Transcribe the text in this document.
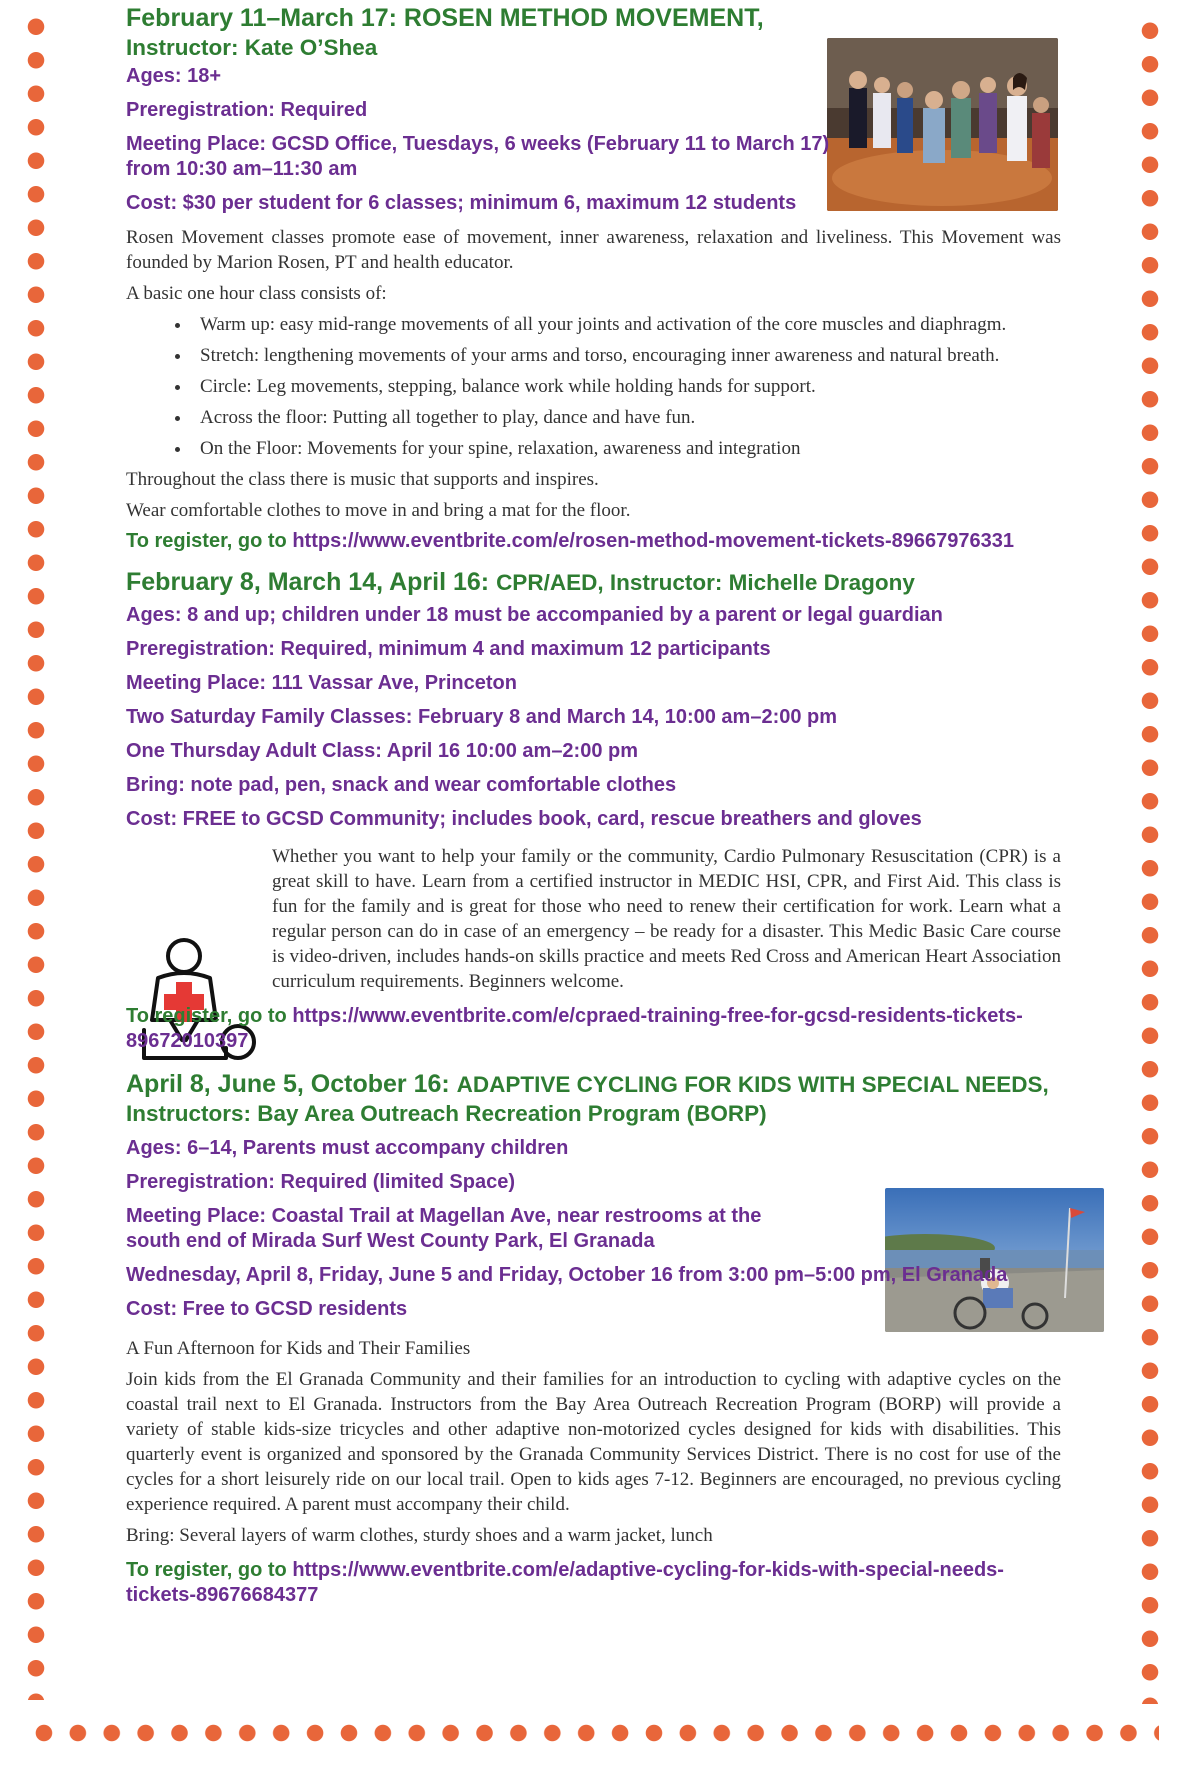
February 11–March 17: ROSEN METHOD MOVEMENT,
Instructor: Kate O’Shea

Ages: 18+

Preregistration: Required

Meeting Place: GCSD Office, Tuesdays, 6 weeks (February 11 to March 17) from 10:30 am–11:30 am

Cost: $30 per student for 6 classes; minimum 6, maximum 12 students

Rosen Movement classes promote ease of movement, inner awareness, relaxation and liveliness. This Movement was founded by Marion Rosen, PT and health educator.

A basic one hour class consists of:

• Warm up: easy mid-range movements of all your joints and activation of the core muscles and diaphragm.
• Stretch: lengthening movements of your arms and torso, encouraging inner awareness and natural breath.
• Circle: Leg movements, stepping, balance work while holding hands for support.
• Across the floor: Putting all together to play, dance and have fun.
• On the Floor: Movements for your spine, relaxation, awareness and integration

Throughout the class there is music that supports and inspires.

Wear comfortable clothes to move in and bring a mat for the floor.

To register, go to https://www.eventbrite.com/e/rosen-method-movement-tickets-89667976331

February 8, March 14, April 16: CPR/AED, Instructor: Michelle Dragony

Ages: 8 and up; children under 18 must be accompanied by a parent or legal guardian

Preregistration: Required, minimum 4 and maximum 12 participants

Meeting Place: 111 Vassar Ave, Princeton

Two Saturday Family Classes: February 8 and March 14, 10:00 am–2:00 pm

One Thursday Adult Class: April 16 10:00 am–2:00 pm

Bring: note pad, pen, snack and wear comfortable clothes

Cost: FREE to GCSD Community; includes book, card, rescue breathers and gloves

Whether you want to help your family or the community, Cardio Pulmonary Resuscitation (CPR) is a great skill to have. Learn from a certified instructor in MEDIC HSI, CPR, and First Aid. This class is fun for the family and is great for those who need to renew their certification for work. Learn what a regular person can do in case of an emergency – be ready for a disaster. This Medic Basic Care course is video-driven, includes hands-on skills practice and meets Red Cross and American Heart Association curriculum requirements. Beginners welcome.

To register, go to https://www.eventbrite.com/e/cpraed-training-free-for-gcsd-residents-tickets-89672010397

April 8, June 5, October 16: ADAPTIVE CYCLING FOR KIDS WITH SPECIAL NEEDS,
Instructors: Bay Area Outreach Recreation Program (BORP)

Ages: 6–14, Parents must accompany children

Preregistration: Required (limited Space)

Meeting Place: Coastal Trail at Magellan Ave, near restrooms at the south end of Mirada Surf West County Park, El Granada

Wednesday, April 8, Friday, June 5 and Friday, October 16 from 3:00 pm–5:00 pm, El Granada

Cost: Free to GCSD residents

A Fun Afternoon for Kids and Their Families

Join kids from the El Granada Community and their families for an introduction to cycling with adaptive cycles on the coastal trail next to El Granada. Instructors from the Bay Area Outreach Recreation Program (BORP) will provide a variety of stable kids-size tricycles and other adaptive non-motorized cycles designed for kids with disabilities. This quarterly event is organized and sponsored by the Granada Community Services District. There is no cost for use of the cycles for a short leisurely ride on our local trail. Open to kids ages 7-12. Beginners are encouraged, no previous cycling experience required. A parent must accompany their child.

Bring: Several layers of warm clothes, sturdy shoes and a warm jacket, lunch

To register, go to https://www.eventbrite.com/e/adaptive-cycling-for-kids-with-special-needs-tickets-89676684377
